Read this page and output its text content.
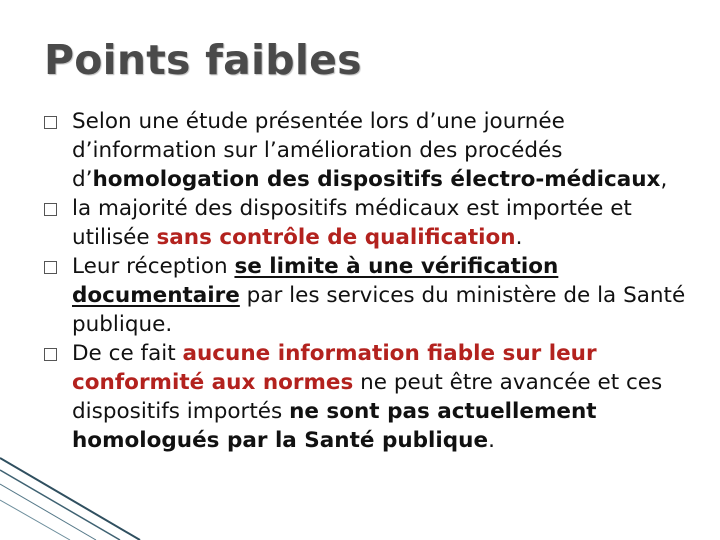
Points faibles
Selon une étude présentée lors d’une journée d’information sur l’amélioration des procédés d’homologation des dispositifs électro-médicaux,
la majorité des dispositifs médicaux est importée et utilisée sans contrôle de qualification.
Leur réception se limite à une vérification documentaire par les services du ministère de la Santé publique.
De ce fait aucune information fiable sur leur conformité aux normes ne peut être avancée et ces dispositifs importés ne sont pas actuellement homologués par la Santé publique.
